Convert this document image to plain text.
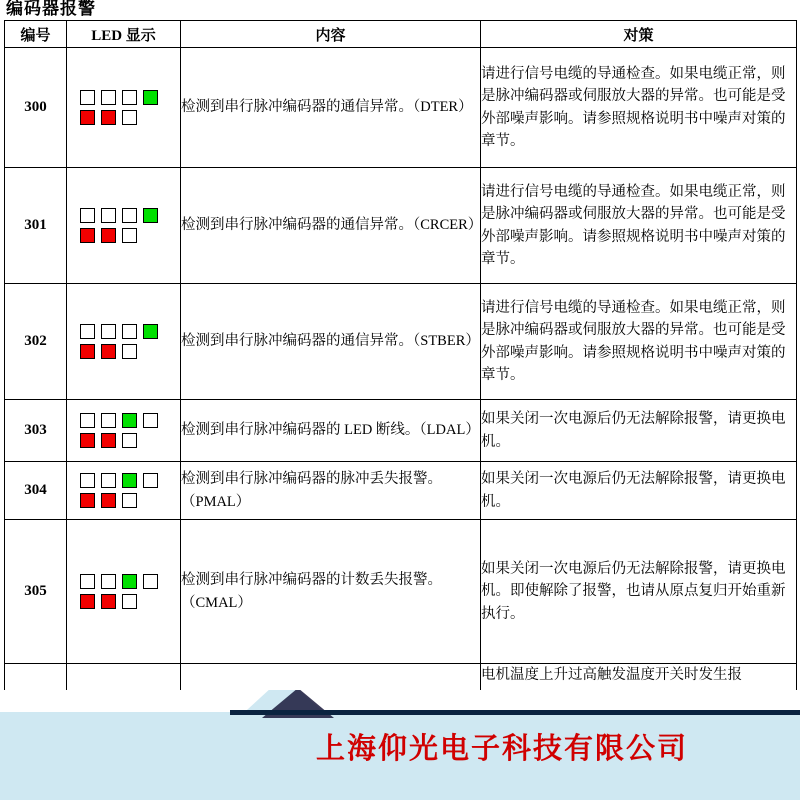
编码器报警
编号	LED 显示	内容	对策
300		检测到串行脉冲编码器的通信异常。（DTER）	请进行信号电缆的导通检查。如果电缆正常，则是脉冲编码器或伺服放大器的异常。也可能是受外部噪声影响。请参照规格说明书中噪声对策的章节。
301		检测到串行脉冲编码器的通信异常。（CRCER）	请进行信号电缆的导通检查。如果电缆正常，则是脉冲编码器或伺服放大器的异常。也可能是受外部噪声影响。请参照规格说明书中噪声对策的章节。
302		检测到串行脉冲编码器的通信异常。（STBER）	请进行信号电缆的导通检查。如果电缆正常，则是脉冲编码器或伺服放大器的异常。也可能是受外部噪声影响。请参照规格说明书中噪声对策的章节。
303		检测到串行脉冲编码器的 LED 断线。（LDAL）	如果关闭一次电源后仍无法解除报警，请更换电机。
304		检测到串行脉冲编码器的脉冲丢失报警。（PMAL）	如果关闭一次电源后仍无法解除报警，请更换电机。
305		检测到串行脉冲编码器的计数丢失报警。（CMAL）	如果关闭一次电源后仍无法解除报警，请更换电机。即使解除了报警，也请从原点复归开始重新执行。
			电机温度上升过高触发温度开关时发生报
上海仰光电子科技有限公司
